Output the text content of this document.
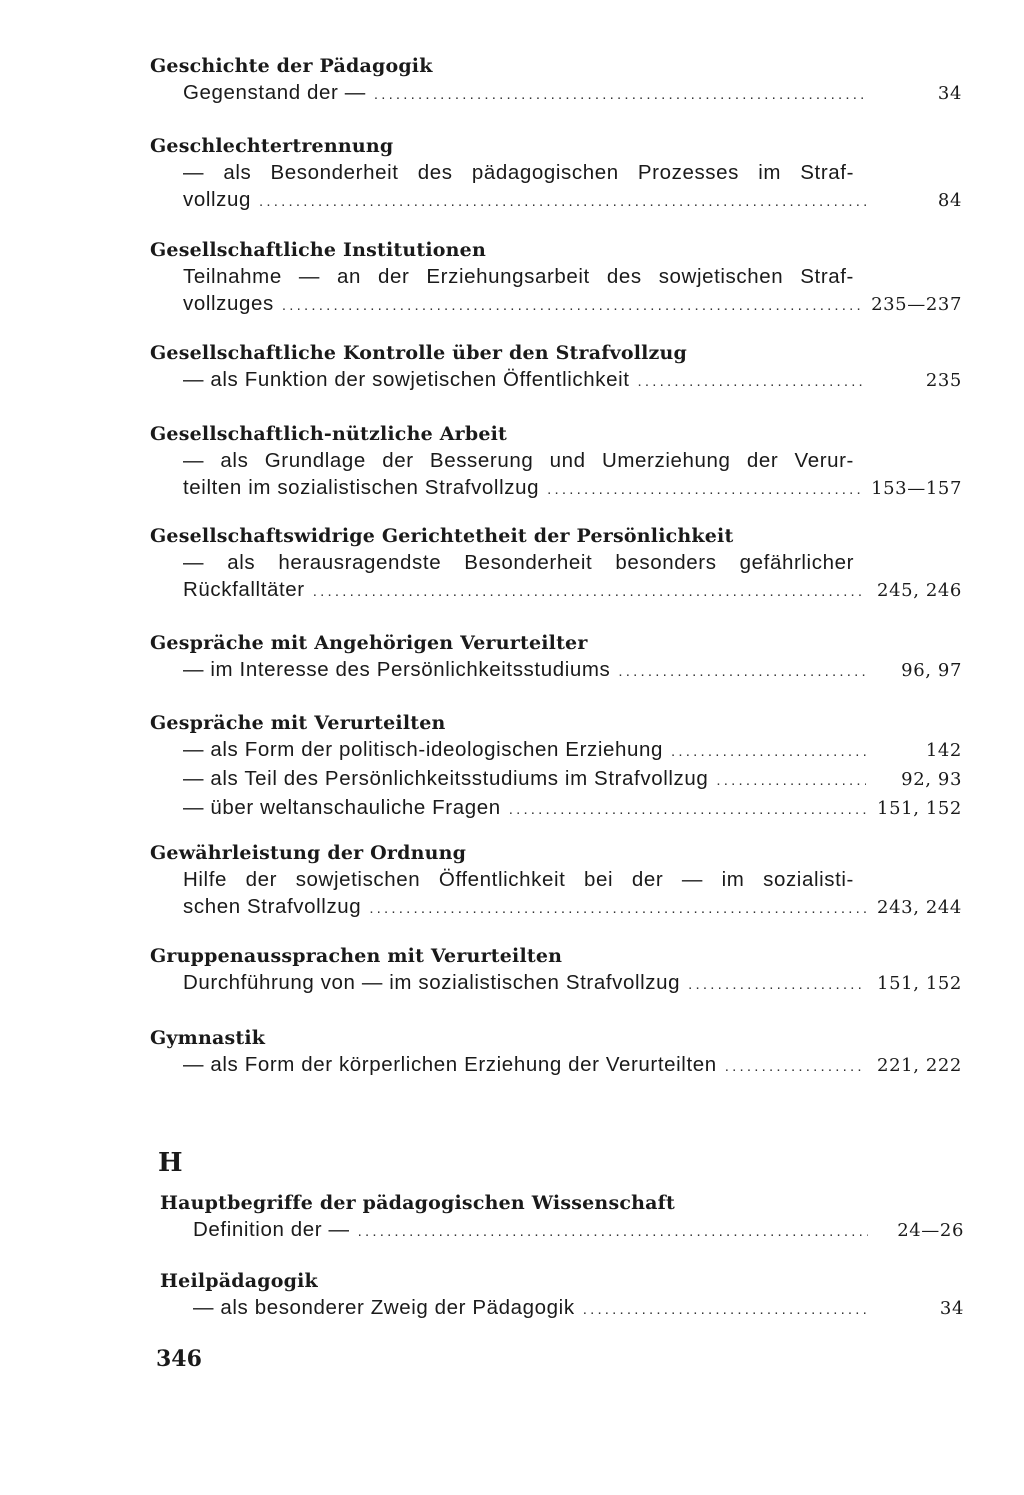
Geschichte der Pädagogik
Gegenstand der — .....	34
Geschlechtertrennung
— als Besonderheit des pädagogischen Prozesses im Straf-
vollzug .....	84
Gesellschaftliche Institutionen
Teilnahme — an der Erziehungsarbeit des sowjetischen Straf-
vollzuges .....	235—237
Gesellschaftliche Kontrolle über den Strafvollzug
— als Funktion der sowjetischen Öffentlichkeit .....	235
Gesellschaftlich-nützliche Arbeit
— als Grundlage der Besserung und Umerziehung der Verur-
teilten im sozialistischen Strafvollzug .....	153—157
Gesellschaftswidrige Gerichtetheit der Persönlichkeit
— als herausragendste Besonderheit besonders gefährlicher
Rückfalltäter .....	245, 246
Gespräche mit Angehörigen Verurteilter
— im Interesse des Persönlichkeitsstudiums .....	96, 97
Gespräche mit Verurteilten
— als Form der politisch-ideologischen Erziehung .....	142
— als Teil des Persönlichkeitsstudiums im Strafvollzug .....	92, 93
— über weltanschauliche Fragen .....	151, 152
Gewährleistung der Ordnung
Hilfe der sowjetischen Öffentlichkeit bei der — im sozialisti-
schen Strafvollzug .....	243, 244
Gruppenaussprachen mit Verurteilten
Durchführung von — im sozialistischen Strafvollzug .....	151, 152
Gymnastik
— als Form der körperlichen Erziehung der Verurteilten .....	221, 222
H
Hauptbegriffe der pädagogischen Wissenschaft
Definition der — .....	24—26
Heilpädagogik
— als besonderer Zweig der Pädagogik .....	34
346
